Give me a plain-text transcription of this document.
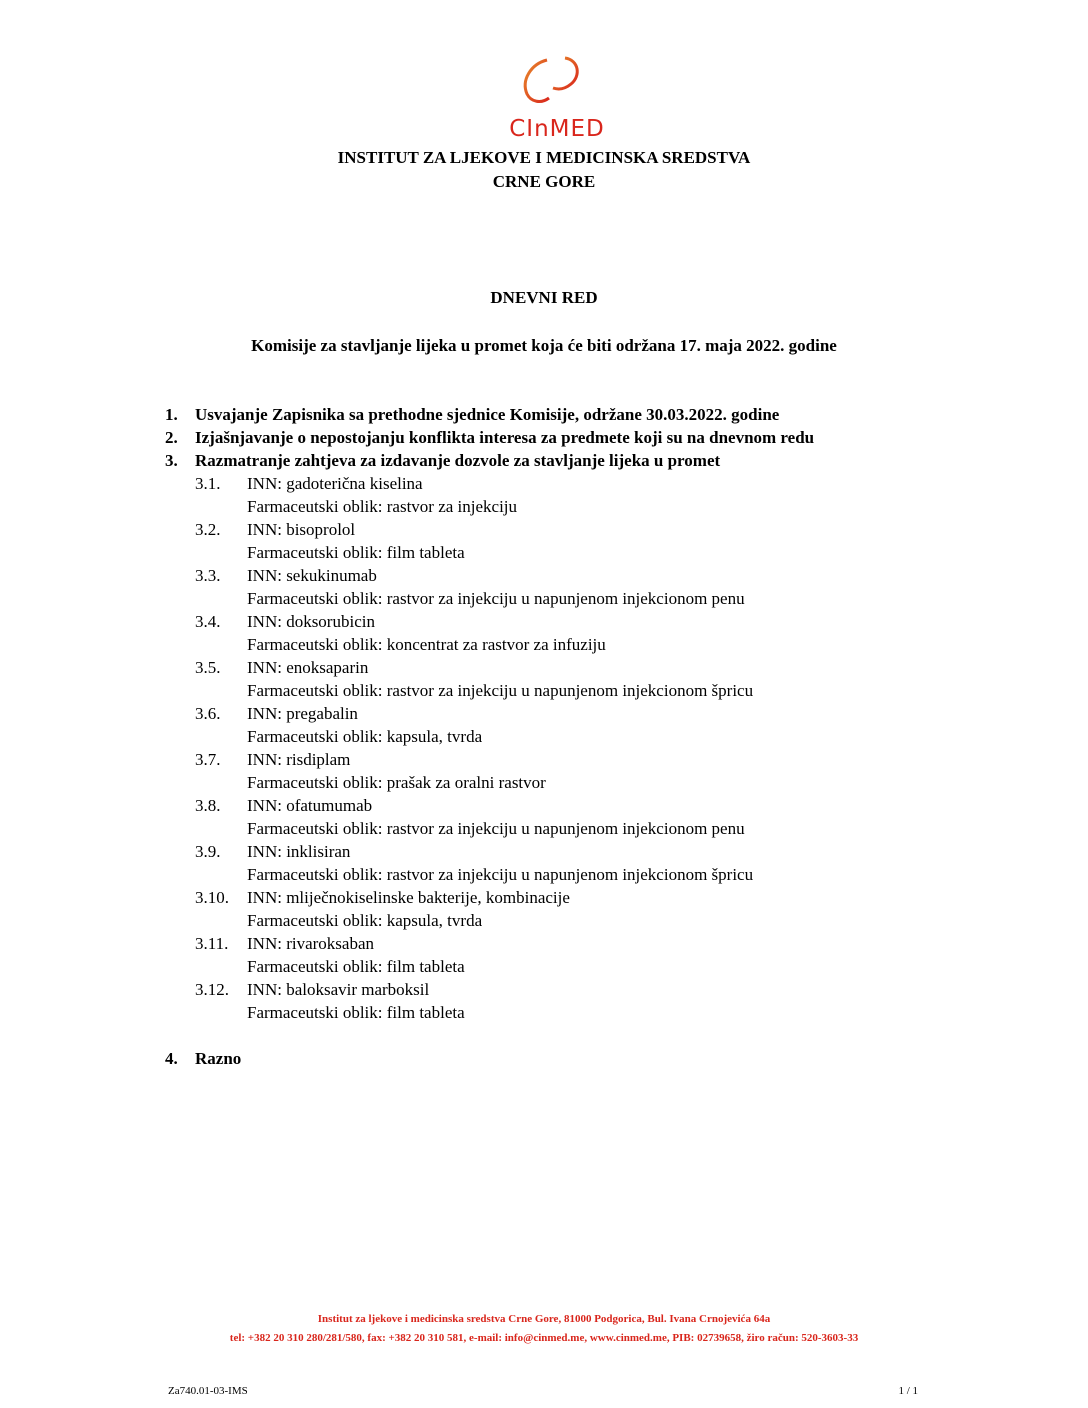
CInMED
INSTITUT ZA LJEKOVE I MEDICINSKA SREDSTVA
CRNE GORE
DNEVNI RED
Komisije za stavljanje lijeka u promet koja će biti održana 17. maja 2022. godine
1.	Usvajanje Zapisnika sa prethodne sjednice Komisije, održane 30.03.2022. godine
2.	Izjašnjavanje o nepostojanju konflikta interesa za predmete koji su na dnevnom redu
3.	Razmatranje zahtjeva za izdavanje dozvole za stavljanje lijeka u promet
3.1.	INN: gadoterična kiselina
Farmaceutski oblik: rastvor za injekciju
3.2.	INN: bisoprolol
Farmaceutski oblik: film tableta
3.3.	INN: sekukinumab
Farmaceutski oblik: rastvor za injekciju u napunjenom injekcionom penu
3.4.	INN: doksorubicin
Farmaceutski oblik: koncentrat za rastvor za infuziju
3.5.	INN: enoksaparin
Farmaceutski oblik: rastvor za injekciju u napunjenom injekcionom špricu
3.6.	INN: pregabalin
Farmaceutski oblik: kapsula, tvrda
3.7.	INN: risdiplam
Farmaceutski oblik: prašak za oralni rastvor
3.8.	INN: ofatumumab
Farmaceutski oblik: rastvor za injekciju u napunjenom injekcionom penu
3.9.	INN: inklisiran
Farmaceutski oblik: rastvor za injekciju u napunjenom injekcionom špricu
3.10.	INN: mliječnokiselinske bakterije, kombinacije
Farmaceutski oblik: kapsula, tvrda
3.11.	INN: rivaroksaban
Farmaceutski oblik: film tableta
3.12.	INN: baloksavir marboksil
Farmaceutski oblik: film tableta
4.	Razno
Institut za ljekove i medicinska sredstva Crne Gore, 81000 Podgorica, Bul. Ivana Crnojevića 64a
tel: +382 20 310 280/281/580, fax: +382 20 310 581, e-mail: info@cinmed.me, www.cinmed.me, PIB: 02739658, žiro račun: 520-3603-33
Za740.01-03-IMS	1 / 1
